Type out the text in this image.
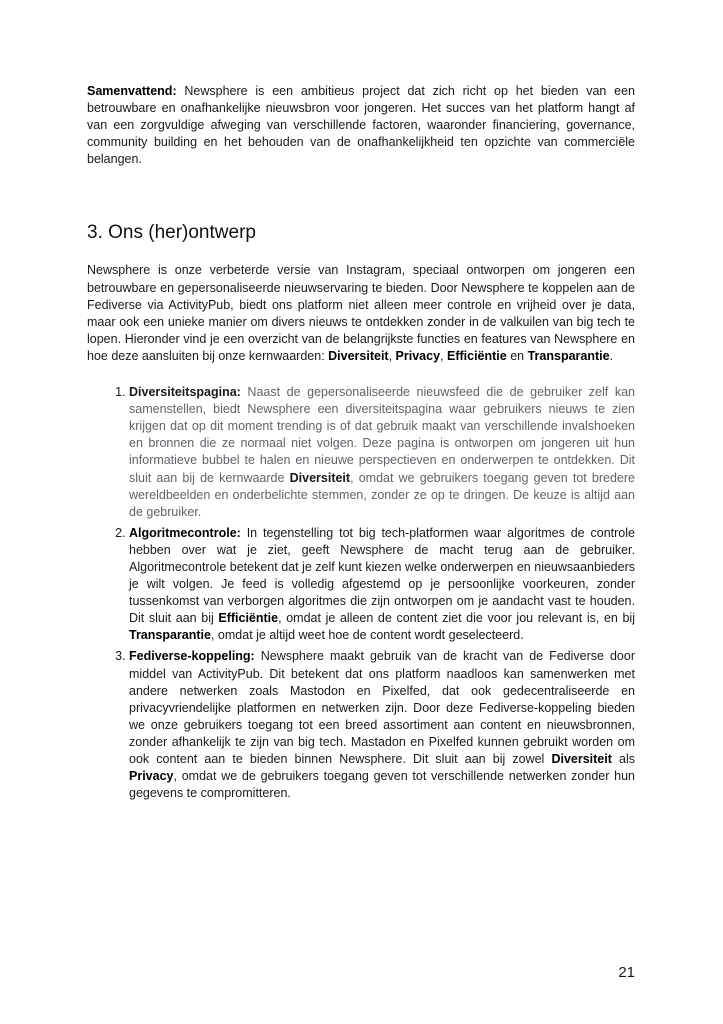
Samenvattend: Newsphere is een ambitieus project dat zich richt op het bieden van een betrouwbare en onafhankelijke nieuwsbron voor jongeren. Het succes van het platform hangt af van een zorgvuldige afweging van verschillende factoren, waaronder financiering, governance, community building en het behouden van de onafhankelijkheid ten opzichte van commerciële belangen.

3. Ons (her)ontwerp

Newsphere is onze verbeterde versie van Instagram, speciaal ontworpen om jongeren een betrouwbare en gepersonaliseerde nieuwservaring te bieden. Door Newsphere te koppelen aan de Fediverse via ActivityPub, biedt ons platform niet alleen meer controle en vrijheid over je data, maar ook een unieke manier om divers nieuws te ontdekken zonder in de valkuilen van big tech te lopen. Hieronder vind je een overzicht van de belangrijkste functies en features van Newsphere en hoe deze aansluiten bij onze kernwaarden: Diversiteit, Privacy, Efficiëntie en Transparantie.

1. Diversiteitspagina: Naast de gepersonaliseerde nieuwsfeed die de gebruiker zelf kan samenstellen, biedt Newsphere een diversiteitspagina waar gebruikers nieuws te zien krijgen dat op dit moment trending is of dat gebruik maakt van verschillende invalshoeken en bronnen die ze normaal niet volgen. Deze pagina is ontworpen om jongeren uit hun informatieve bubbel te halen en nieuwe perspectieven en onderwerpen te ontdekken. Dit sluit aan bij de kernwaarde Diversiteit, omdat we gebruikers toegang geven tot bredere wereldbeelden en onderbelichte stemmen, zonder ze op te dringen. De keuze is altijd aan de gebruiker.
2. Algoritmecontrole: In tegenstelling tot big tech-platformen waar algoritmes de controle hebben over wat je ziet, geeft Newsphere de macht terug aan de gebruiker. Algoritmecontrole betekent dat je zelf kunt kiezen welke onderwerpen en nieuwsaanbieders je wilt volgen. Je feed is volledig afgestemd op je persoonlijke voorkeuren, zonder tussenkomst van verborgen algoritmes die zijn ontworpen om je aandacht vast te houden. Dit sluit aan bij Efficiëntie, omdat je alleen de content ziet die voor jou relevant is, en bij Transparantie, omdat je altijd weet hoe de content wordt geselecteerd.
3. Fediverse-koppeling: Newsphere maakt gebruik van de kracht van de Fediverse door middel van ActivityPub. Dit betekent dat ons platform naadloos kan samenwerken met andere netwerken zoals Mastodon en Pixelfed, dat ook gedecentraliseerde en privacyvriendelijke platformen en netwerken zijn. Door deze Fediverse-koppeling bieden we onze gebruikers toegang tot een breed assortiment aan content en nieuwsbronnen, zonder afhankelijk te zijn van big tech. Mastadon en Pixelfed kunnen gebruikt worden om ook content aan te bieden binnen Newsphere. Dit sluit aan bij zowel Diversiteit als Privacy, omdat we de gebruikers toegang geven tot verschillende netwerken zonder hun gegevens te compromitteren.
21
